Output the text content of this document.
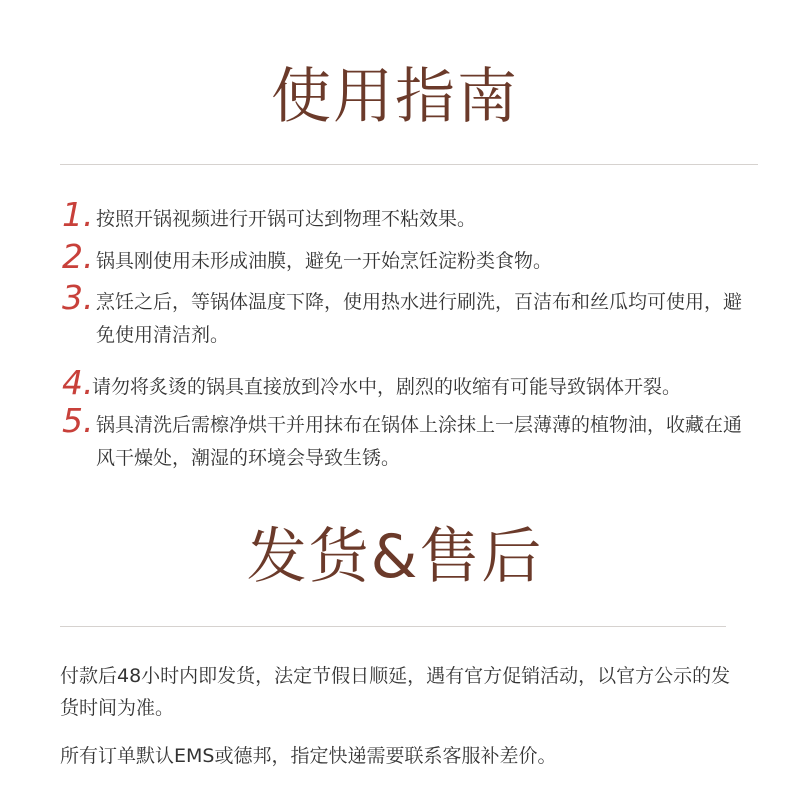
使用指南
1. 按照开锅视频进行开锅可达到物理不粘效果。
2. 锅具刚使用未形成油膜，避免一开始烹饪淀粉类食物。
3. 烹饪之后，等锅体温度下降，使用热水进行刷洗，百洁布和丝瓜均可使用，避免使用清洁剂。
4.
请勿将炙烫的锅具直接放到冷水中，剧烈的收缩有可能导致锅体开裂。
5. 锅具清洗后需檫净烘干并用抹布在锅体上涂抹上一层薄薄的植物油，收藏在通风干燥处，潮湿的环境会导致生锈。
发货&售后

付款后48小时内即发货，法定节假日顺延，遇有官方促销活动，以官方公示的发货时间为准。

所有订单默认EMS或德邦，指定快递需要联系客服补差价。
